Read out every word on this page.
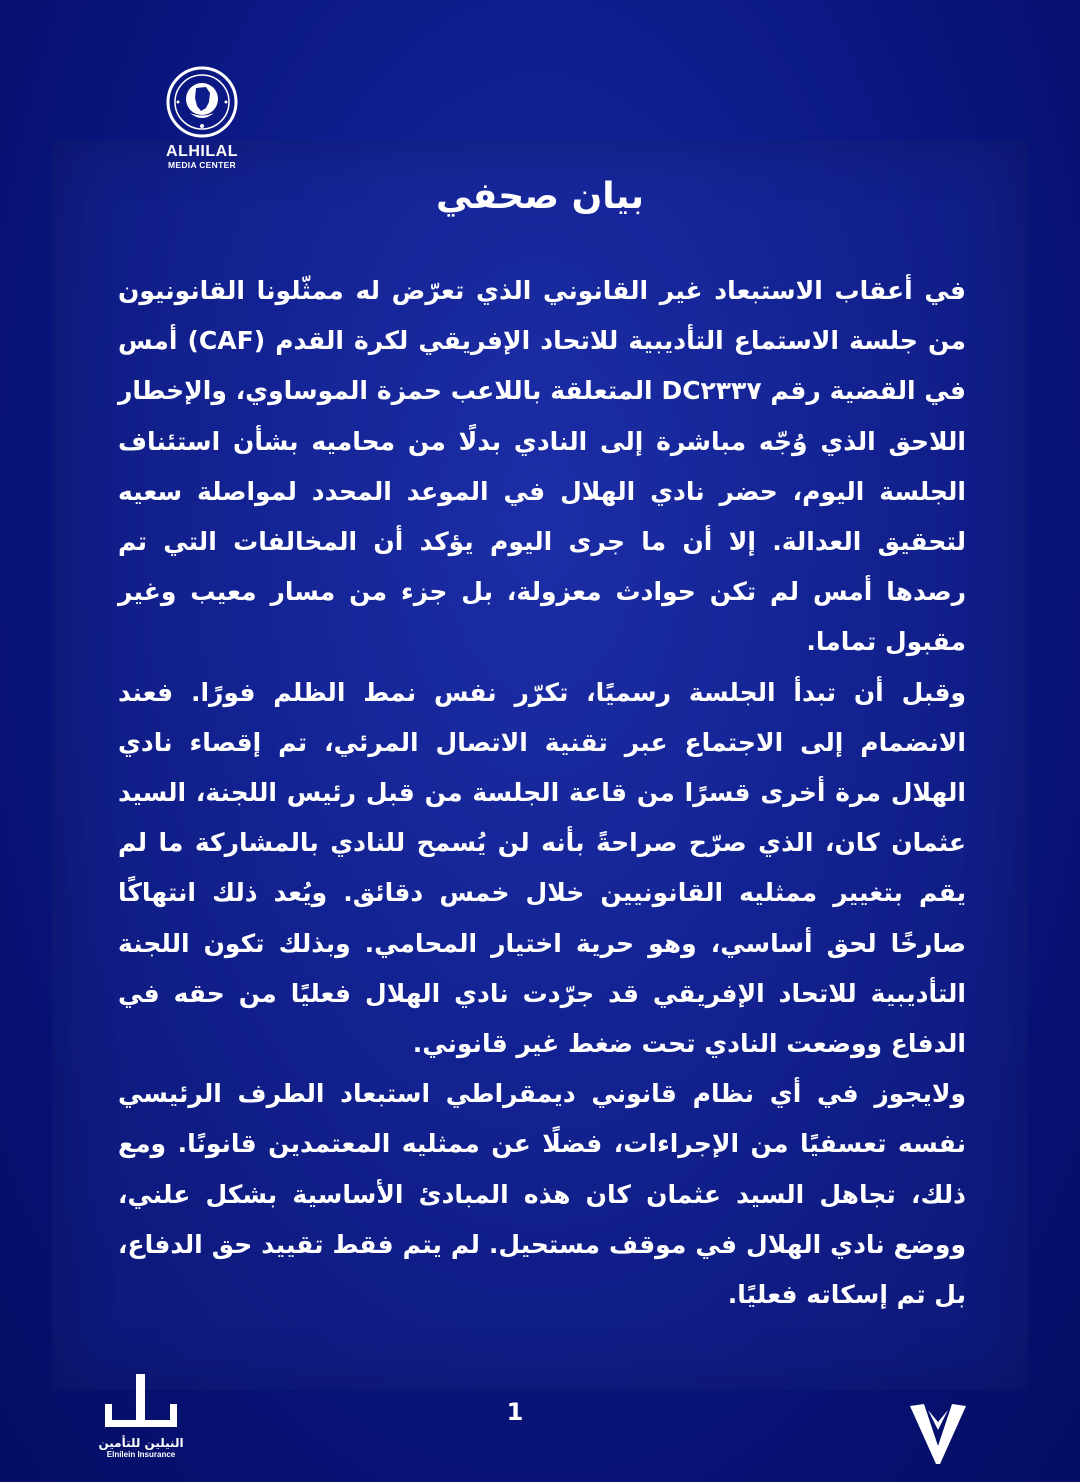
ALHILAL
MEDIA CENTER
بيان صحفي

في أعقاب الاستبعاد غير القانوني الذي تعرّض له ممثّلونا القانونيون من جلسة الاستماع التأديبية للاتحاد الإفريقي لكرة القدم (CAF) أمس في القضية رقم DC٢٣٣٧ المتعلقة باللاعب حمزة الموساوي، والإخطار اللاحق الذي وُجّه مباشرة إلى النادي بدلًا من محاميه بشأن استئناف الجلسة اليوم، حضر نادي الهلال في الموعد المحدد لمواصلة سعيه لتحقيق العدالة. إلا أن ما جرى اليوم يؤكد أن المخالفات التي تم رصدها أمس لم تكن حوادث معزولة، بل جزء من مسار معيب وغير مقبول تماما.

وقبل أن تبدأ الجلسة رسميًا، تكرّر نفس نمط الظلم فورًا. فعند الانضمام إلى الاجتماع عبر تقنية الاتصال المرئي، تم إقصاء نادي الهلال مرة أخرى قسرًا من قاعة الجلسة من قبل رئيس اللجنة، السيد عثمان كان، الذي صرّح صراحةً بأنه لن يُسمح للنادي بالمشاركة ما لم يقم بتغيير ممثليه القانونيين خلال خمس دقائق. ويُعد ذلك انتهاكًا صارخًا لحق أساسي، وهو حرية اختيار المحامي. وبذلك تكون اللجنة التأديبية للاتحاد الإفريقي قد جرّدت نادي الهلال فعليًا من حقه في الدفاع ووضعت النادي تحت ضغط غير قانوني.

ولايجوز في أي نظام قانوني ديمقراطي استبعاد الطرف الرئيسي نفسه تعسفيًا من الإجراءات، فضلًا عن ممثليه المعتمدين قانونًا. ومع ذلك، تجاهل السيد عثمان كان هذه المبادئ الأساسية بشكل علني، ووضع نادي الهلال في موقف مستحيل. لم يتم فقط تقييد حق الدفاع، بل تم إسكاته فعليًا.

النيلين للتأمين
Elnilein Insurance
1
